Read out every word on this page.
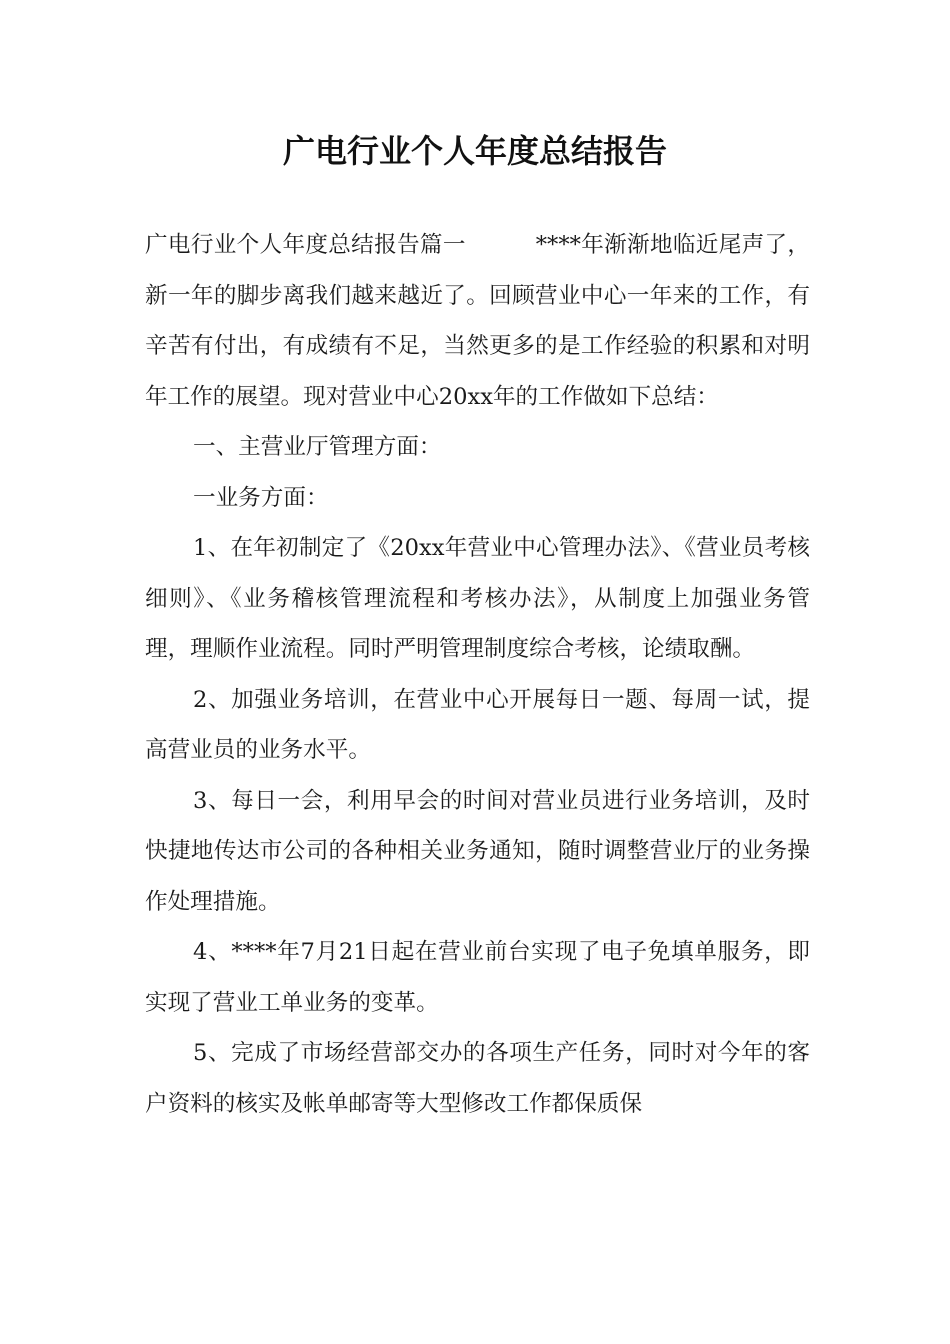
广电行业个人年度总结报告

广电行业个人年度总结报告篇一	****年渐渐地临近尾声了，新一年的脚步离我们越来越近了。回顾营业中心一年来的工作，有辛苦有付出，有成绩有不足，当然更多的是工作经验的积累和对明年工作的展望。现对营业中心20xx年的工作做如下总结：

一、主营业厅管理方面：

一业务方面：

1、在年初制定了《20xx年营业中心管理办法》、《营业员考核细则》、《业务稽核管理流程和考核办法》，从制度上加强业务管理，理顺作业流程。同时严明管理制度综合考核，论绩取酬。

2、加强业务培训，在营业中心开展每日一题、每周一试，提高营业员的业务水平。

3、每日一会，利用早会的时间对营业员进行业务培训，及时快捷地传达市公司的各种相关业务通知，随时调整营业厅的业务操作处理措施。

4、****年7月21日起在营业前台实现了电子免填单服务，即实现了营业工单业务的变革。

5、完成了市场经营部交办的各项生产任务，同时对今年的客户资料的核实及帐单邮寄等大型修改工作都保质保
